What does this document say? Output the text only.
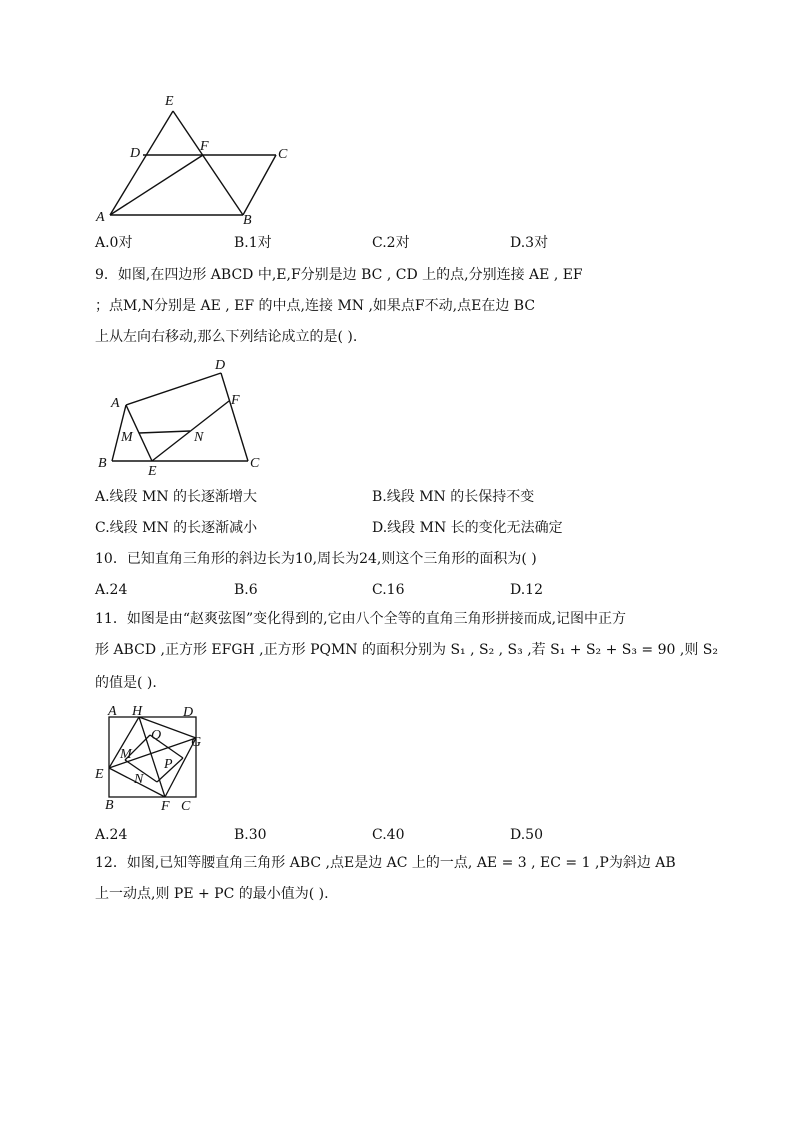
E
D	F
C
A	B
A.0对	B.1对	C.2对	D.3对
9．如图,在四边形 ABCD 中,E,F分别是边 BC , CD 上的点,分别连接 AE , EF
；点M,N分别是 AE , EF 的中点,连接 MN ,如果点F不动,点E在边 BC
上从左向右移动,那么下列结论成立的是( ).
A
D
F
M	N
B
E
C
A.线段 MN 的长逐渐增大	B.线段 MN 的长保持不变
C.线段 MN 的长逐渐减小	D.线段 MN 长的变化无法确定
10．已知直角三角形的斜边长为10,周长为24,则这个三角形的面积为( )
A.24	B.6	C.16	D.12
11．如图是由“赵爽弦图”变化得到的,它由八个全等的直角三角形拼接而成,记图中正方
形 ABCD ,正方形 EFGH ,正方形 PQMN 的面积分别为 S₁ , S₂ , S₃ ,若 S₁ + S₂ + S₃ = 90 ,则 S₂
的值是( ).
A H	D
Q G
M
P
E N
B	F C
A.24	B.30	C.40	D.50
12．如图,已知等腰直角三角形 ABC ,点E是边 AC 上的一点, AE = 3 , EC = 1 ,P为斜边 AB
上一动点,则 PE + PC 的最小值为( ).
